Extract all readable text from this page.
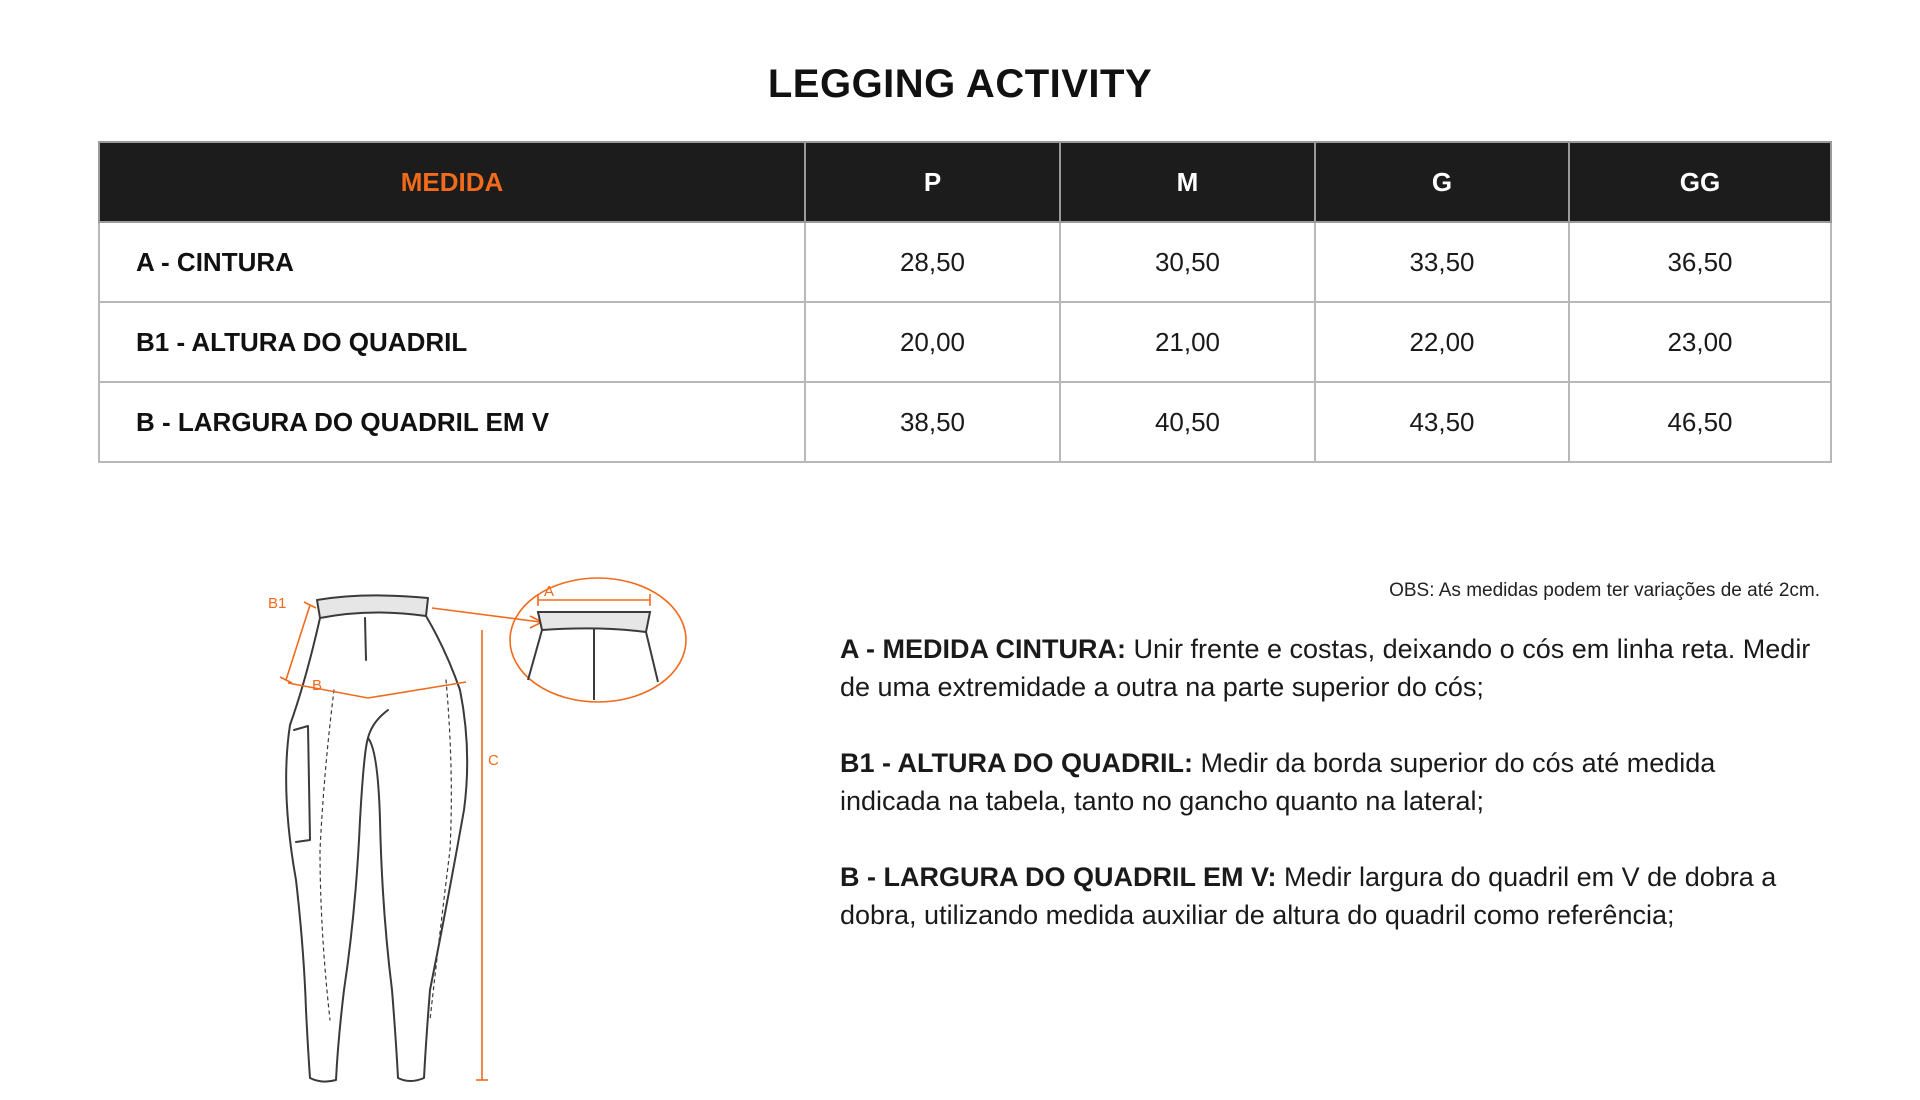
LEGGING ACTIVITY
MEDIDA	P	M	G	GG
A - CINTURA	28,50	30,50	33,50	36,50
B1 - ALTURA DO QUADRIL	20,00	21,00	22,00	23,00
B - LARGURA DO QUADRIL EM V	38,50	40,50	43,50	46,50
B1
B
C
A	OBS: As medidas podem ter variações de até 2cm.

A - MEDIDA CINTURA: Unir frente e costas, deixando o cós em linha reta. Medir de uma extremidade a outra na parte superior do cós;

B1 - ALTURA DO QUADRIL: Medir da borda superior do cós até medida indicada na tabela, tanto no gancho quanto na lateral;

B - LARGURA DO QUADRIL EM V: Medir largura do quadril em V de dobra a dobra, utilizando medida auxiliar de altura do quadril como referência;
